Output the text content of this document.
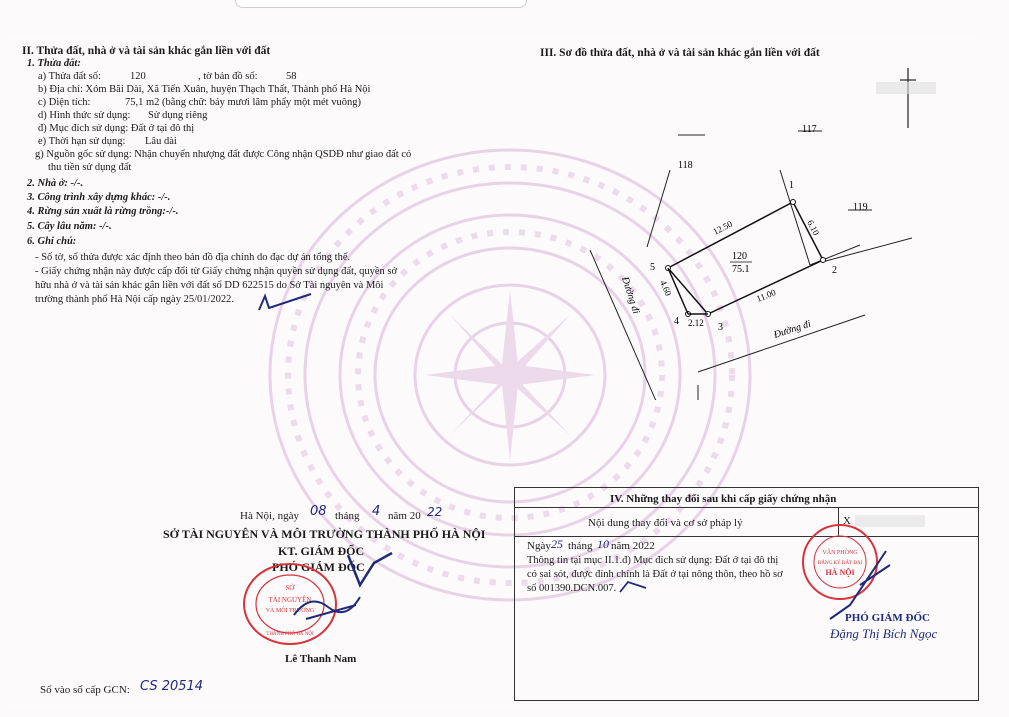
II. Thửa đất, nhà ở và tài sản khác gắn liền với đất
1. Thửa đất:
a) Thửa đất số:	120	, tờ bản đồ số:	58
b) Địa chỉ: Xóm Bãi Dài, Xã Tiến Xuân, huyện Thạch Thất, Thành phố Hà Nội
c) Diện tích:	75,1 m2 (bằng chữ: bảy mươi lăm phẩy một mét vuông)
d) Hình thức sử dụng: Sử dụng riêng
đ) Mục đích sử dụng: Đất ở tại đô thị
e) Thời hạn sử dụng: Lâu dài
g) Nguồn gốc sử dụng: Nhận chuyển nhượng đất được Công nhận QSDĐ như giao đất có
thu tiền sử dụng đất
2. Nhà ở: -/-.
3. Công trình xây dựng khác: -/-.
4. Rừng sản xuất là rừng trồng:-/-.
5. Cây lâu năm: -/-.
6. Ghi chú:
- Số tờ, số thửa được xác định theo bản đồ địa chính do đạc dự án tổng thể.
- Giấy chứng nhận này được cấp đổi từ Giấy chứng nhận quyền sử dụng đất, quyền sở
hữu nhà ở và tài sản khác gắn liền với đất số DD 622515 do Sở Tài nguyên và Môi
trường thành phố Hà Nội cấp ngày 25/01/2022.
Hà Nội, ngày 08 tháng 4 năm 20 22
SỞ TÀI NGUYÊN VÀ MÔI TRƯỜNG THÀNH PHỐ HÀ NỘI
KT. GIÁM ĐỐC
PHÓ GIÁM ĐỐC
SỞ
TÀI NGUYÊN
VÀ MÔI TRƯỜNG
THÀNH PHỐ HÀ NỘI
Lê Thanh Nam
Số vào sổ cấp GCN: CS 20514
III. Sơ đồ thửa đất, nhà ở và tài sản khác gắn liền với đất
117
118
119
120
75.1
1
2
3
4
5
12.50	6.10
11.00
2.12
4.60
Đường đi
Đường đi
IV. Những thay đổi sau khi cấp giấy chứng nhận
Nội dung thay đổi và cơ sở pháp lý	X
Ngày 25 tháng 10 năm 2022
Thông tin tại mục II.1.đ) Mục đích sử dụng: Đất ở tại đô thị
có sai sót, được đính chính là Đất ở tại nông thôn, theo hồ sơ
số 001390.DCN.007.
VĂN PHÒNG
ĐĂNG KÝ ĐẤT ĐAI
HÀ NỘI
PHÓ GIÁM ĐỐC
Đặng Thị Bích Ngọc
